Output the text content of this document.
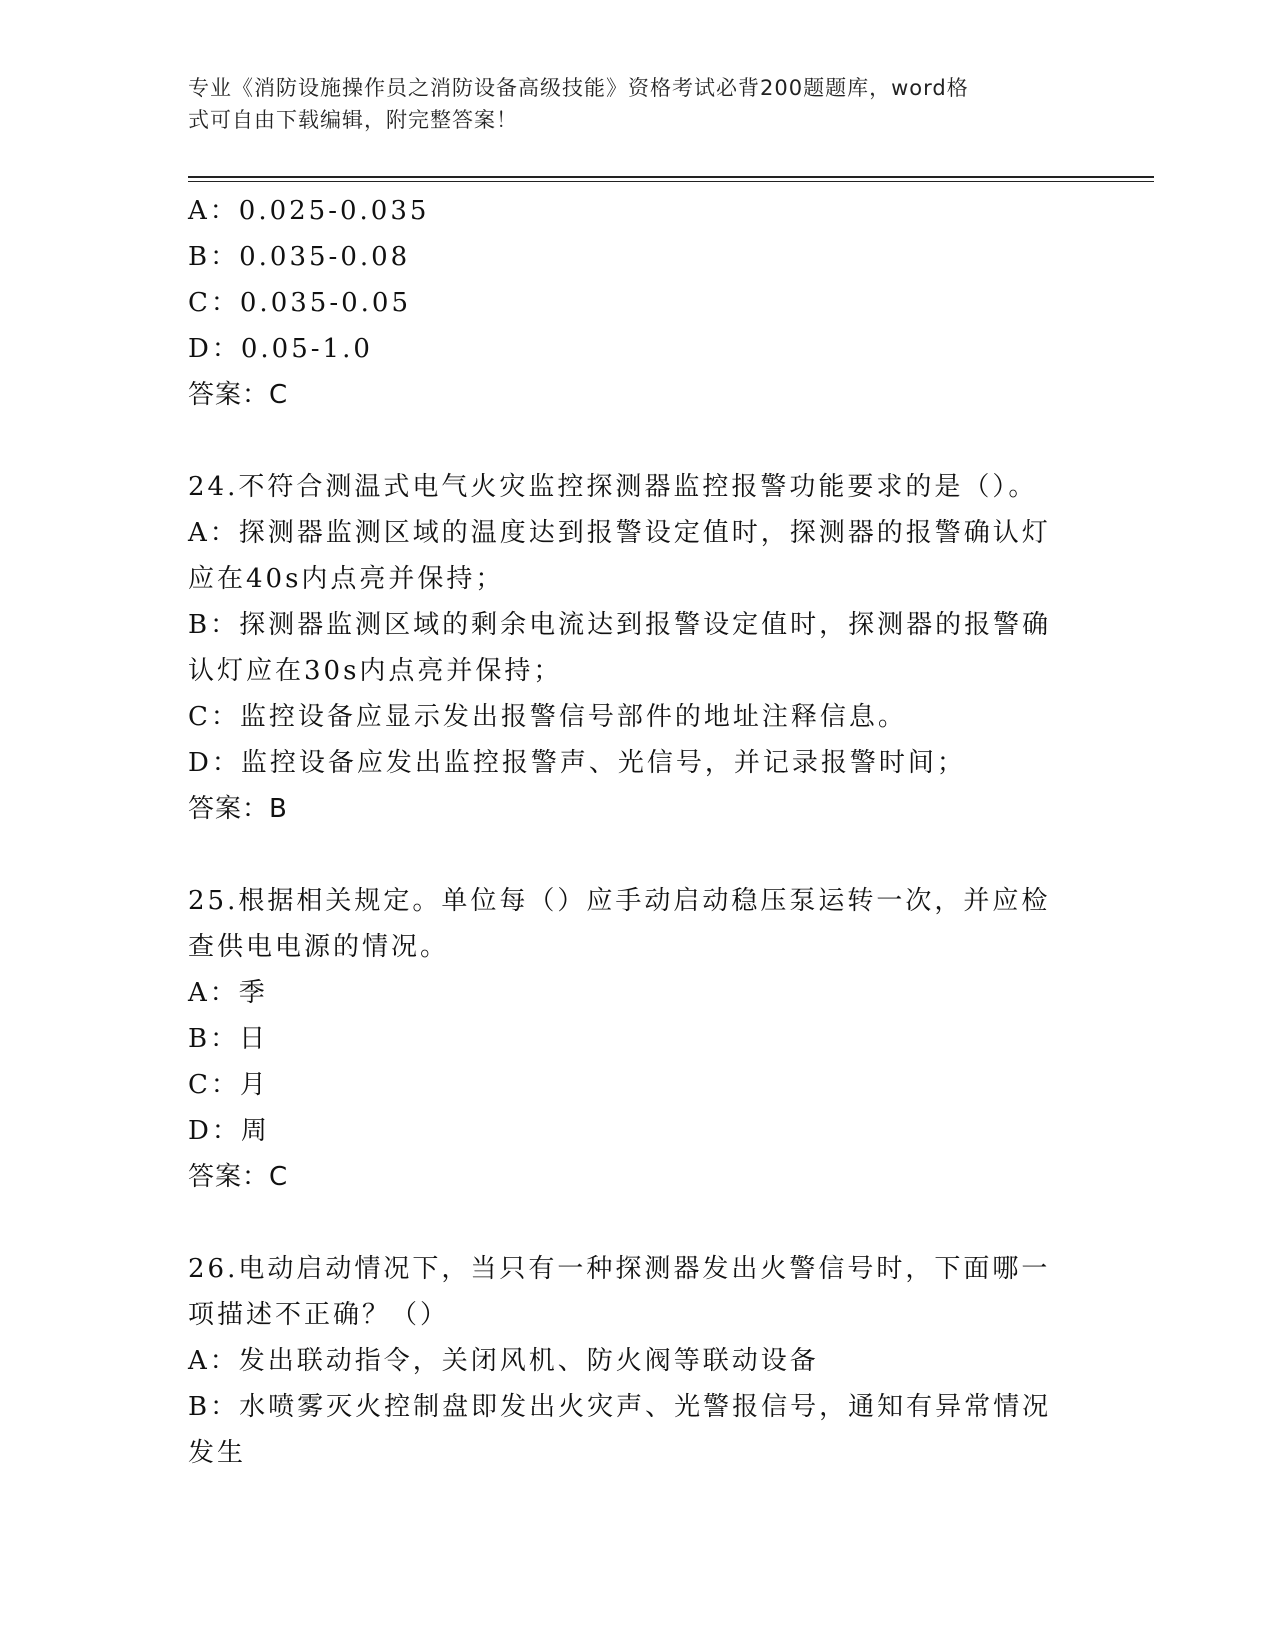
专业《消防设施操作员之消防设备高级技能》资格考试必背200题题库，word格
式可自由下载编辑，附完整答案！
A：0.025-0.035
B：0.035-0.08
C：0.035-0.05
D：0.05-1.0
答案：C
24.不符合测温式电气火灾监控探测器监控报警功能要求的是（）。
A：探测器监测区域的温度达到报警设定值时，探测器的报警确认灯应在40s内点亮并保持；
B：探测器监测区域的剩余电流达到报警设定值时，探测器的报警确认灯应在30s内点亮并保持；
C：监控设备应显示发出报警信号部件的地址注释信息。
D：监控设备应发出监控报警声、光信号，并记录报警时间；
答案：B
25.根据相关规定。单位每（）应手动启动稳压泵运转一次，并应检查供电电源的情况。
A：季
B：日
C：月
D：周
答案：C
26.电动启动情况下，当只有一种探测器发出火警信号时，下面哪一项描述不正确？（）
A：发出联动指令，关闭风机、防火阀等联动设备
B：水喷雾灭火控制盘即发出火灾声、光警报信号，通知有异常情况发生
